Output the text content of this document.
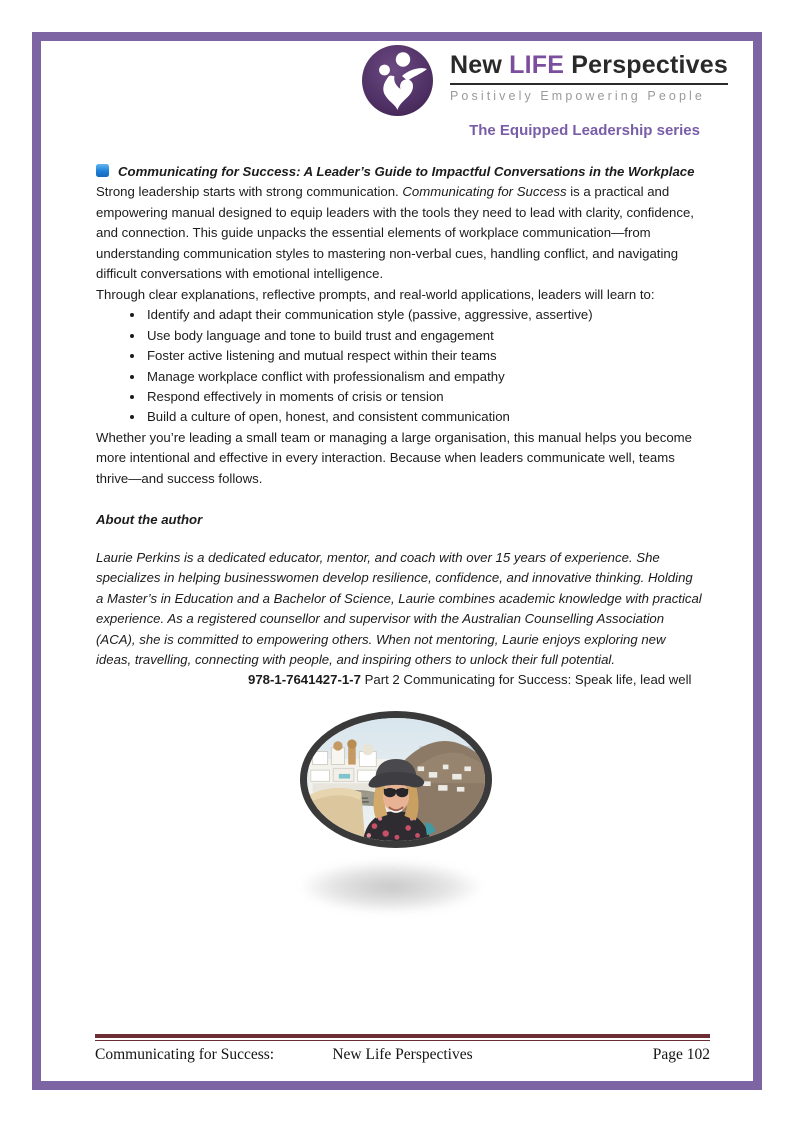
New LIFE Perspectives
Positively Empowering People
The Equipped Leadership series

Communicating for Success: A Leader’s Guide to Impactful Conversations in the Workplace

Strong leadership starts with strong communication. Communicating for Success is a practical and empowering manual designed to equip leaders with the tools they need to lead with clarity, confidence, and connection. This guide unpacks the essential elements of workplace communication—from understanding communication styles to mastering non-verbal cues, handling conflict, and navigating difficult conversations with emotional intelligence.

Through clear explanations, reflective prompts, and real-world applications, leaders will learn to:

• Identify and adapt their communication style (passive, aggressive, assertive)
• Use body language and tone to build trust and engagement
• Foster active listening and mutual respect within their teams
• Manage workplace conflict with professionalism and empathy
• Respond effectively in moments of crisis or tension
• Build a culture of open, honest, and consistent communication

Whether you’re leading a small team or managing a large organisation, this manual helps you become more intentional and effective in every interaction. Because when leaders communicate well, teams thrive—and success follows.

About the author

Laurie Perkins is a dedicated educator, mentor, and coach with over 15 years of experience. She specializes in helping businesswomen develop resilience, confidence, and innovative thinking. Holding a Master’s in Education and a Bachelor of Science, Laurie combines academic knowledge with practical experience. As a registered counsellor and supervisor with the Australian Counselling Association (ACA), she is committed to empowering others. When not mentoring, Laurie enjoys exploring new ideas, travelling, connecting with people, and inspiring others to unlock their full potential.

978-1-7641427-1-7 Part 2 Communicating for Success: Speak life, lead well

Communicating for Success:	New Life Perspectives	Page 102
